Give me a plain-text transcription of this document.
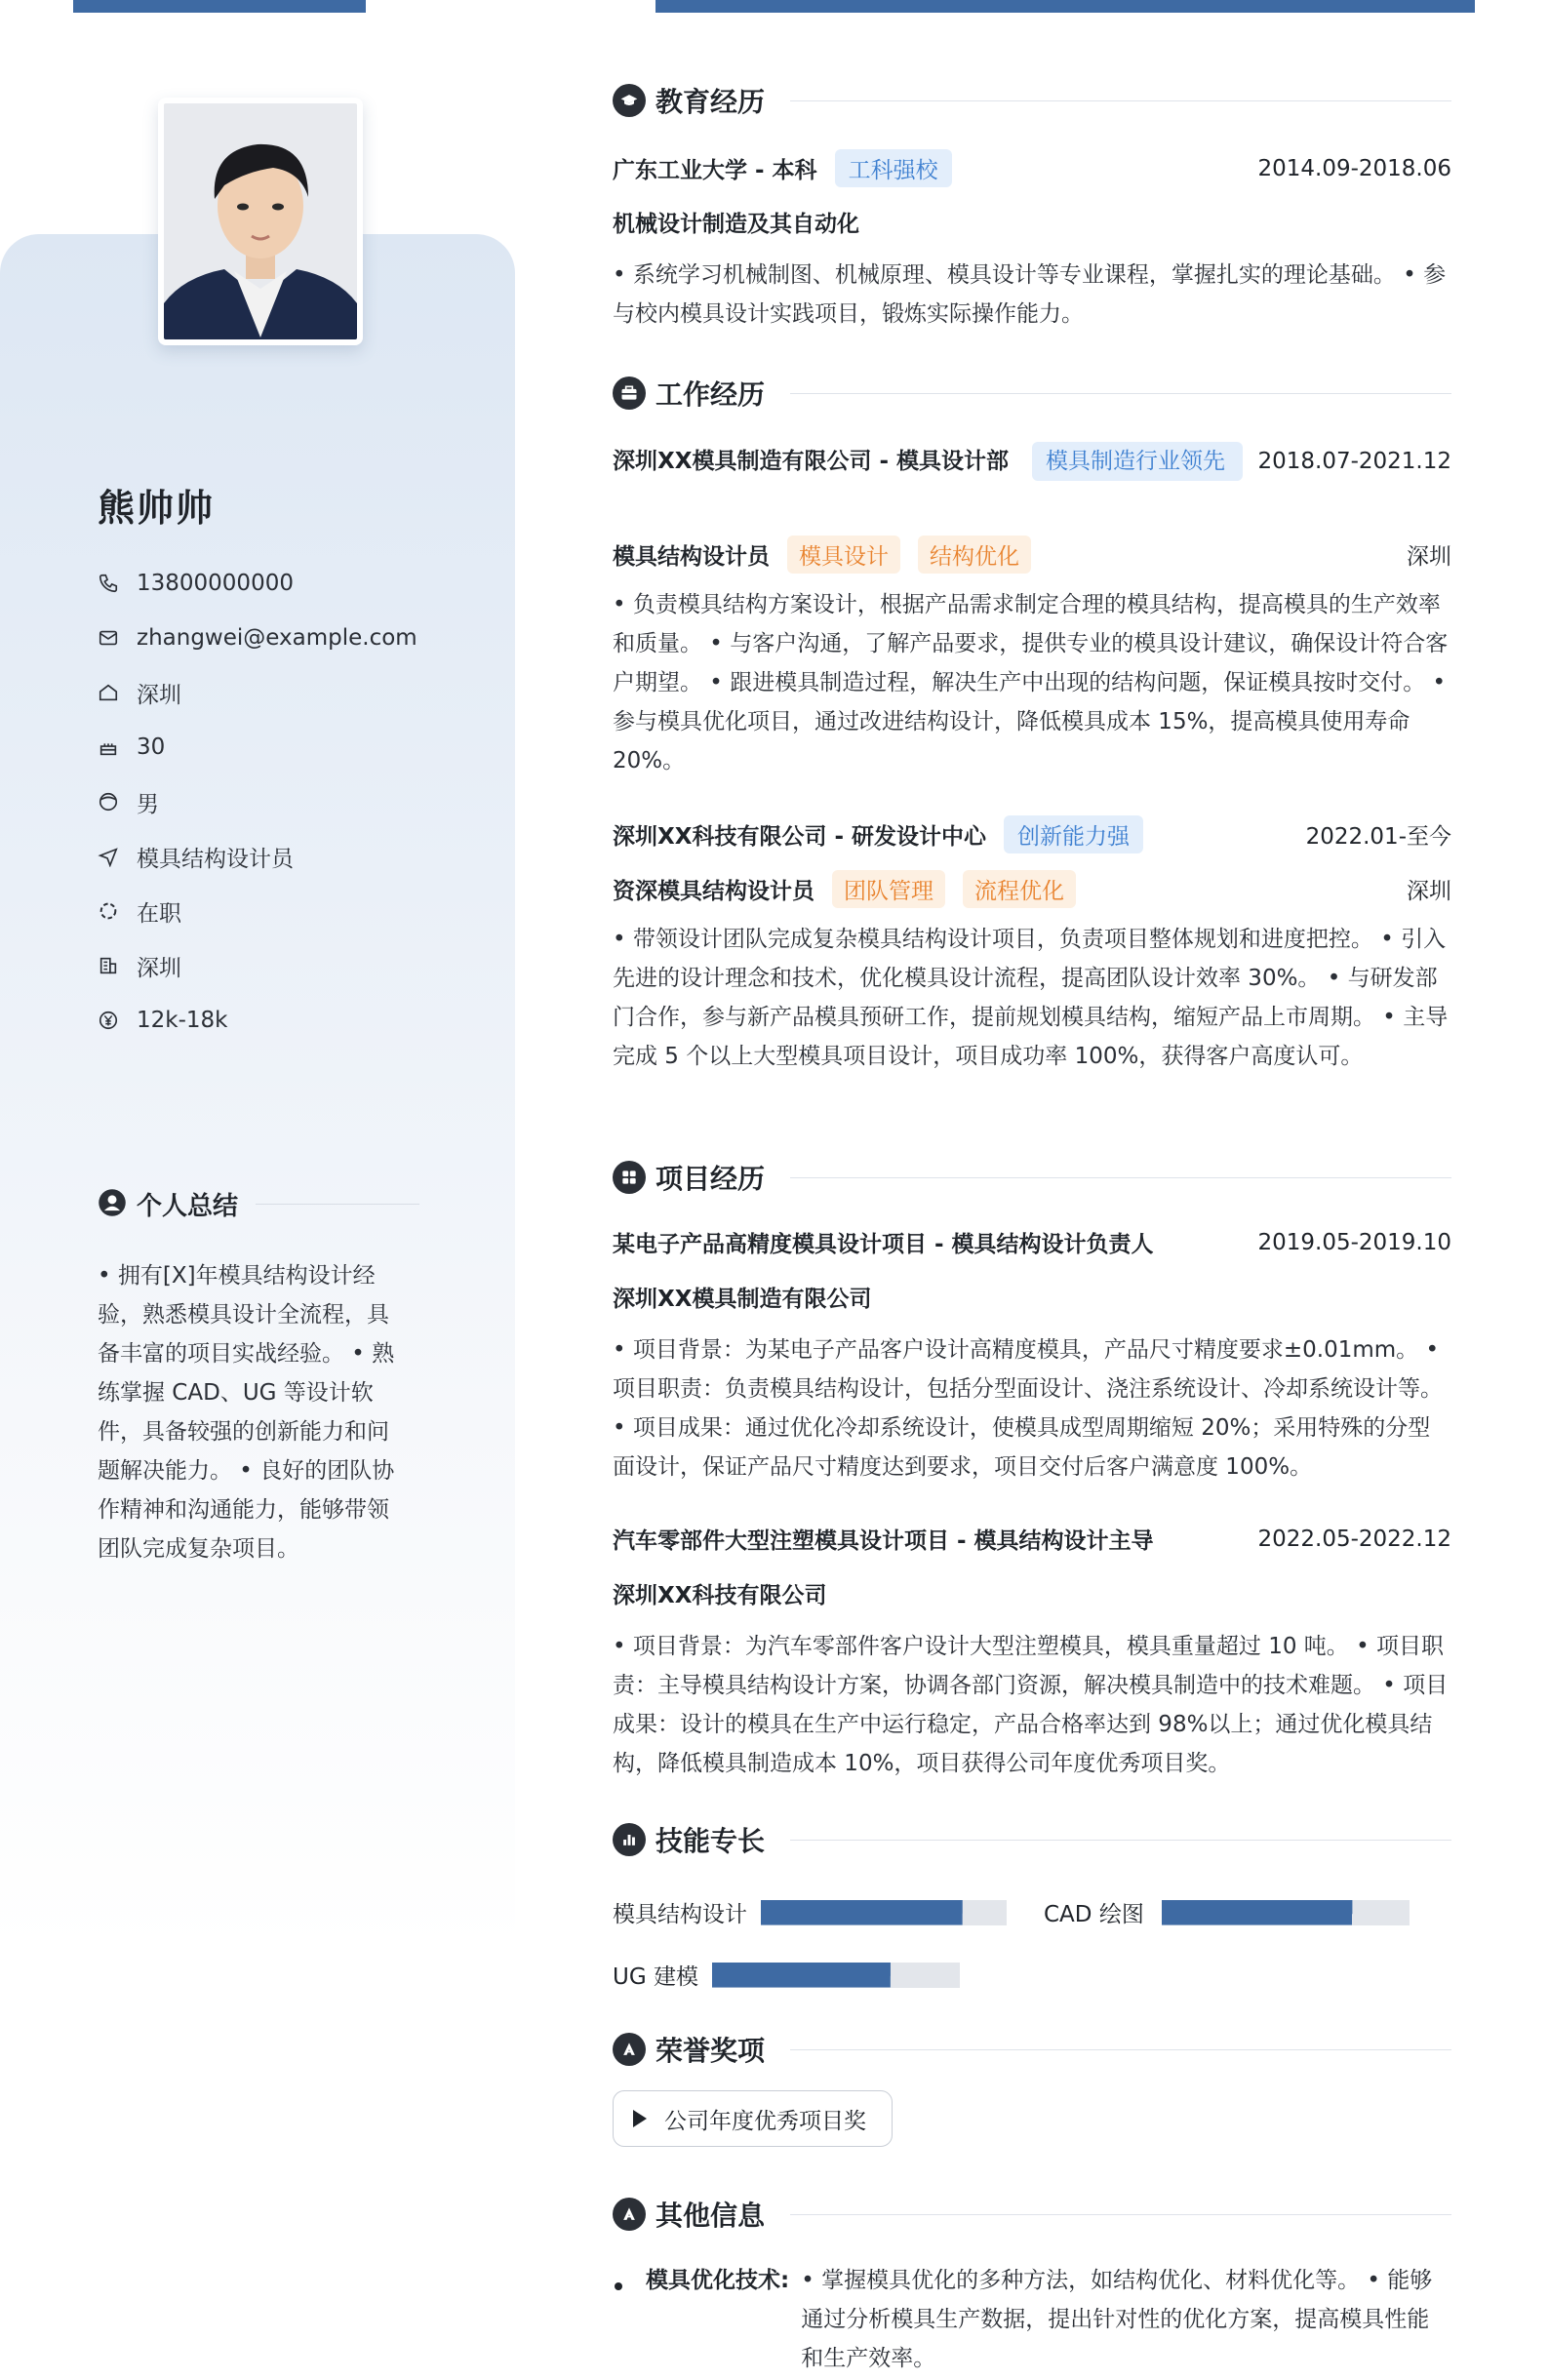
熊帅帅
13800000000
zhangwei@example.com
深圳
30
男
模具结构设计员
在职
深圳
12k-18k
个人总结
• 拥有[X]年模具结构设计经验，熟悉模具设计全流程，具备丰富的项目实战经验。 • 熟练掌握 CAD、UG 等设计软件，具备较强的创新能力和问题解决能力。 • 良好的团队协作精神和沟通能力，能够带领团队完成复杂项目。
教育经历
广东工业大学 - 本科	工科强校	2014.09-2018.06
机械设计制造及其自动化
• 系统学习机械制图、机械原理、模具设计等专业课程，掌握扎实的理论基础。 • 参与校内模具设计实践项目，锻炼实际操作能力。
工作经历
深圳XX模具制造有限公司 - 模具设计部	模具制造行业领先	2018.07-2021.12
模具结构设计员	模具设计	结构优化	深圳
• 负责模具结构方案设计，根据产品需求制定合理的模具结构，提高模具的生产效率和质量。 • 与客户沟通，了解产品要求，提供专业的模具设计建议，确保设计符合客户期望。 • 跟进模具制造过程，解决生产中出现的结构问题，保证模具按时交付。 • 参与模具优化项目，通过改进结构设计，降低模具成本 15%，提高模具使用寿命 20%。
深圳XX科技有限公司 - 研发设计中心	创新能力强	2022.01-至今
资深模具结构设计员	团队管理	流程优化	深圳
• 带领设计团队完成复杂模具结构设计项目，负责项目整体规划和进度把控。 • 引入先进的设计理念和技术，优化模具设计流程，提高团队设计效率 30%。 • 与研发部门合作，参与新产品模具预研工作，提前规划模具结构，缩短产品上市周期。 • 主导完成 5 个以上大型模具项目设计，项目成功率 100%，获得客户高度认可。
项目经历
某电子产品高精度模具设计项目 - 模具结构设计负责人	2019.05-2019.10
深圳XX模具制造有限公司
• 项目背景：为某电子产品客户设计高精度模具，产品尺寸精度要求±0.01mm。 • 项目职责：负责模具结构设计，包括分型面设计、浇注系统设计、冷却系统设计等。 • 项目成果：通过优化冷却系统设计，使模具成型周期缩短 20%；采用特殊的分型面设计，保证产品尺寸精度达到要求，项目交付后客户满意度 100%。
汽车零部件大型注塑模具设计项目 - 模具结构设计主导	2022.05-2022.12
深圳XX科技有限公司
• 项目背景：为汽车零部件客户设计大型注塑模具，模具重量超过 10 吨。 • 项目职责：主导模具结构设计方案，协调各部门资源，解决模具制造中的技术难题。 • 项目成果：设计的模具在生产中运行稳定，产品合格率达到 98%以上；通过优化模具结构，降低模具制造成本 10%，项目获得公司年度优秀项目奖。
技能专长
模具结构设计	CAD 绘图
UG 建模
荣誉奖项
公司年度优秀项目奖
其他信息
模具优化技术: • 掌握模具优化的多种方法，如结构优化、材料优化等。 • 能够通过分析模具生产数据，提出针对性的优化方案，提高模具性能和生产效率。
